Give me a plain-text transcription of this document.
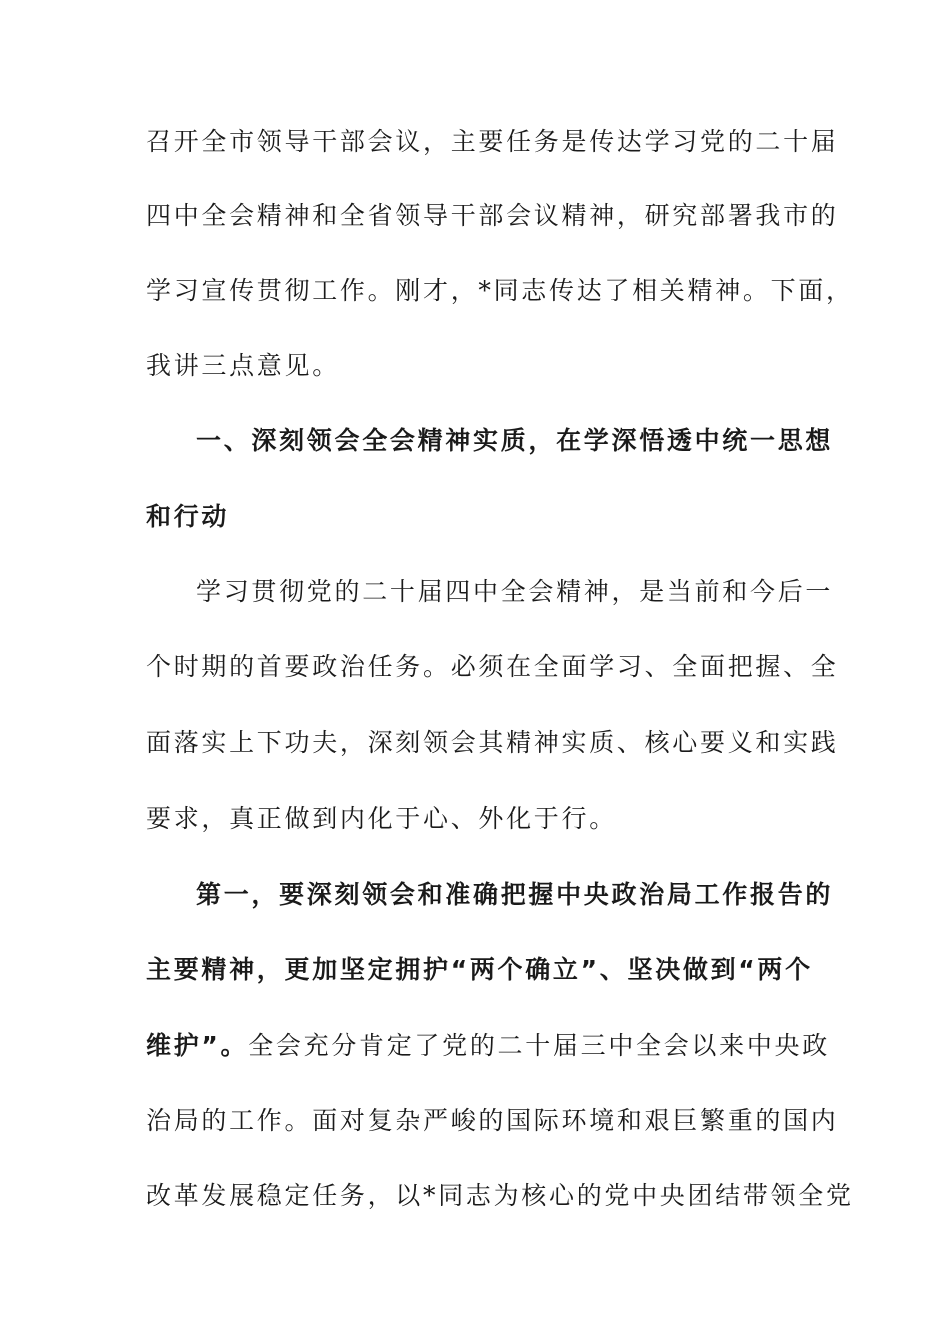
召开全市领导干部会议，主要任务是传达学习党的二十届
四中全会精神和全省领导干部会议精神，研究部署我市的
学习宣传贯彻工作。刚才，*同志传达了相关精神。下面，
我讲三点意见。
一、深刻领会全会精神实质，在学深悟透中统一思想
和行动
学习贯彻党的二十届四中全会精神，是当前和今后一
个时期的首要政治任务。必须在全面学习、全面把握、全
面落实上下功夫，深刻领会其精神实质、核心要义和实践
要求，真正做到内化于心、外化于行。
第一，要深刻领会和准确把握中央政治局工作报告的
主要精神，更加坚定拥护“两个确立”、坚决做到“两个
维护”。全会充分肯定了党的二十届三中全会以来中央政
治局的工作。面对复杂严峻的国际环境和艰巨繁重的国内
改革发展稳定任务，以*同志为核心的党中央团结带领全党
